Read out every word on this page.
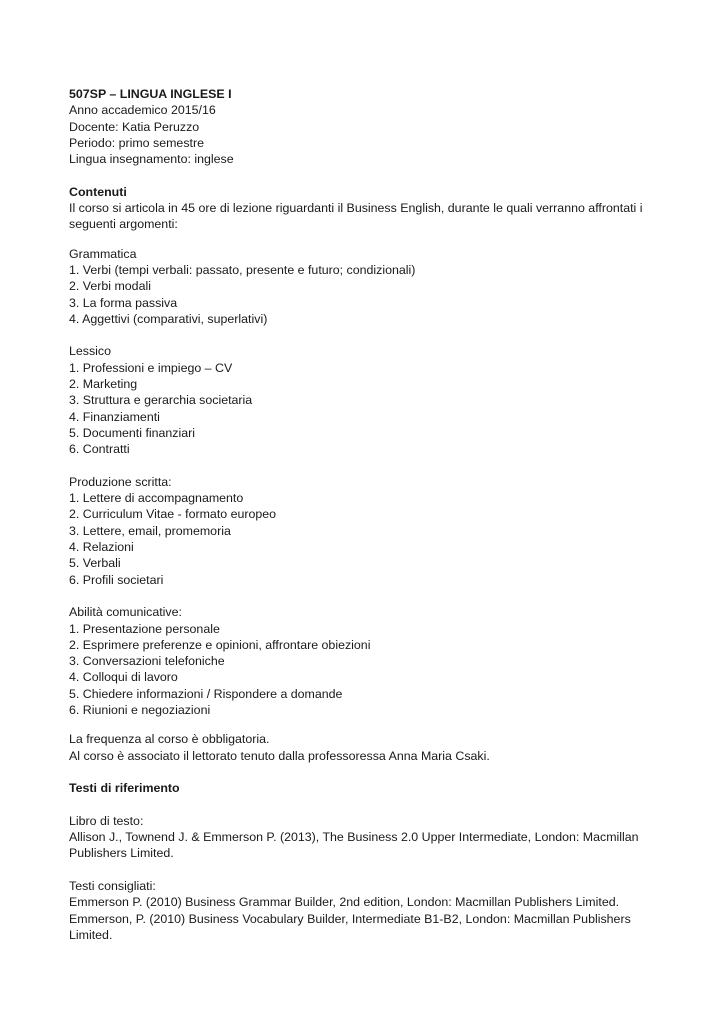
507SP – LINGUA INGLESE I
Anno accademico 2015/16
Docente: Katia Peruzzo
Periodo: primo semestre
Lingua insegnamento: inglese
Contenuti
Il corso si articola in 45 ore di lezione riguardanti il Business English, durante le quali verranno affrontati i seguenti argomenti:
Grammatica
1. Verbi (tempi verbali: passato, presente e futuro; condizionali)
2. Verbi modali
3. La forma passiva
4. Aggettivi (comparativi, superlativi)
Lessico
1. Professioni e impiego – CV
2. Marketing
3. Struttura e gerarchia societaria
4. Finanziamenti
5. Documenti finanziari
6. Contratti
Produzione scritta:
1. Lettere di accompagnamento
2. Curriculum Vitae - formato europeo
3. Lettere, email, promemoria
4. Relazioni
5. Verbali
6. Profili societari
Abilità comunicative:
1. Presentazione personale
2. Esprimere preferenze e opinioni, affrontare obiezioni
3. Conversazioni telefoniche
4. Colloqui di lavoro
5. Chiedere informazioni / Rispondere a domande
6. Riunioni e negoziazioni
La frequenza al corso è obbligatoria.
Al corso è associato il lettorato tenuto dalla professoressa Anna Maria Csaki.
Testi di riferimento
Libro di testo:
Allison J., Townend J. & Emmerson P. (2013), The Business 2.0 Upper Intermediate, London: Macmillan Publishers Limited.
Testi consigliati:
Emmerson P. (2010) Business Grammar Builder, 2nd edition, London: Macmillan Publishers Limited.
Emmerson, P. (2010) Business Vocabulary Builder, Intermediate B1-B2, London: Macmillan Publishers Limited.
